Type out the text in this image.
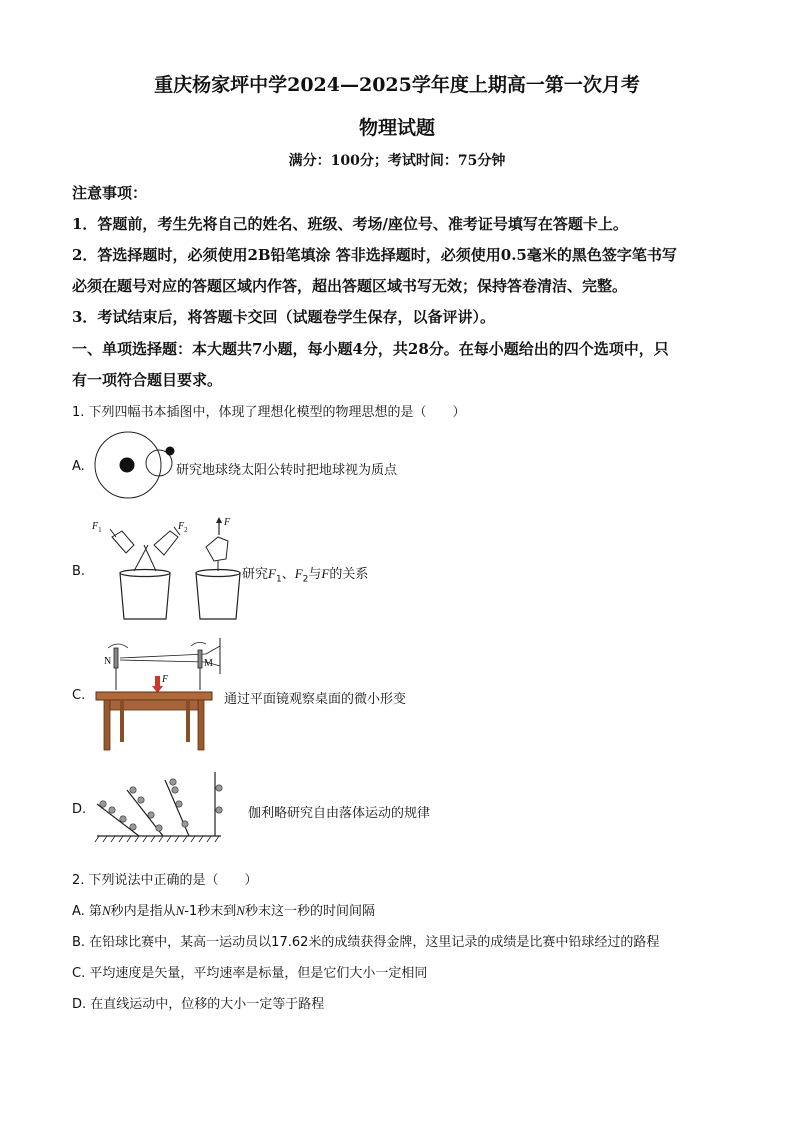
重庆杨家坪中学2024—2025学年度上期高一第一次月考
物理试题
满分：100分；考试时间：75分钟
注意事项：
1．答题前，考生先将自己的姓名、班级、考场/座位号、准考证号填写在答题卡上。
2．答选择题时，必须使用2B铅笔填涂 答非选择题时，必须使用0.5毫米的黑色签字笔书写
必须在题号对应的答题区域内作答，超出答题区域书写无效；保持答卷清洁、完整。
3．考试结束后，将答题卡交回（试题卷学生保存，以备评讲）。
一、单项选择题：本大题共7小题，每小题4分，共28分。在每小题给出的四个选项中，只
有一项符合题目要求。
1. 下列四幅书本插图中，体现了理想化模型的物理思想的是（　　）
A.	研究地球绕太阳公转时把地球视为质点
B.
$F_1$	$F_2$
F
研究$F_1$、$F_2$与F的关系
C.
N	M
F
通过平面镜观察桌面的微小形变
D.	伽利略研究自由落体运动的规律
2. 下列说法中正确的是（　　）
A. 第N秒内是指从N-1秒末到N秒末这一秒的时间间隔
B. 在铅球比赛中，某高一运动员以17.62米的成绩获得金牌，这里记录的成绩是比赛中铅球经过的路程
C. 平均速度是矢量，平均速率是标量，但是它们大小一定相同
D. 在直线运动中，位移的大小一定等于路程
